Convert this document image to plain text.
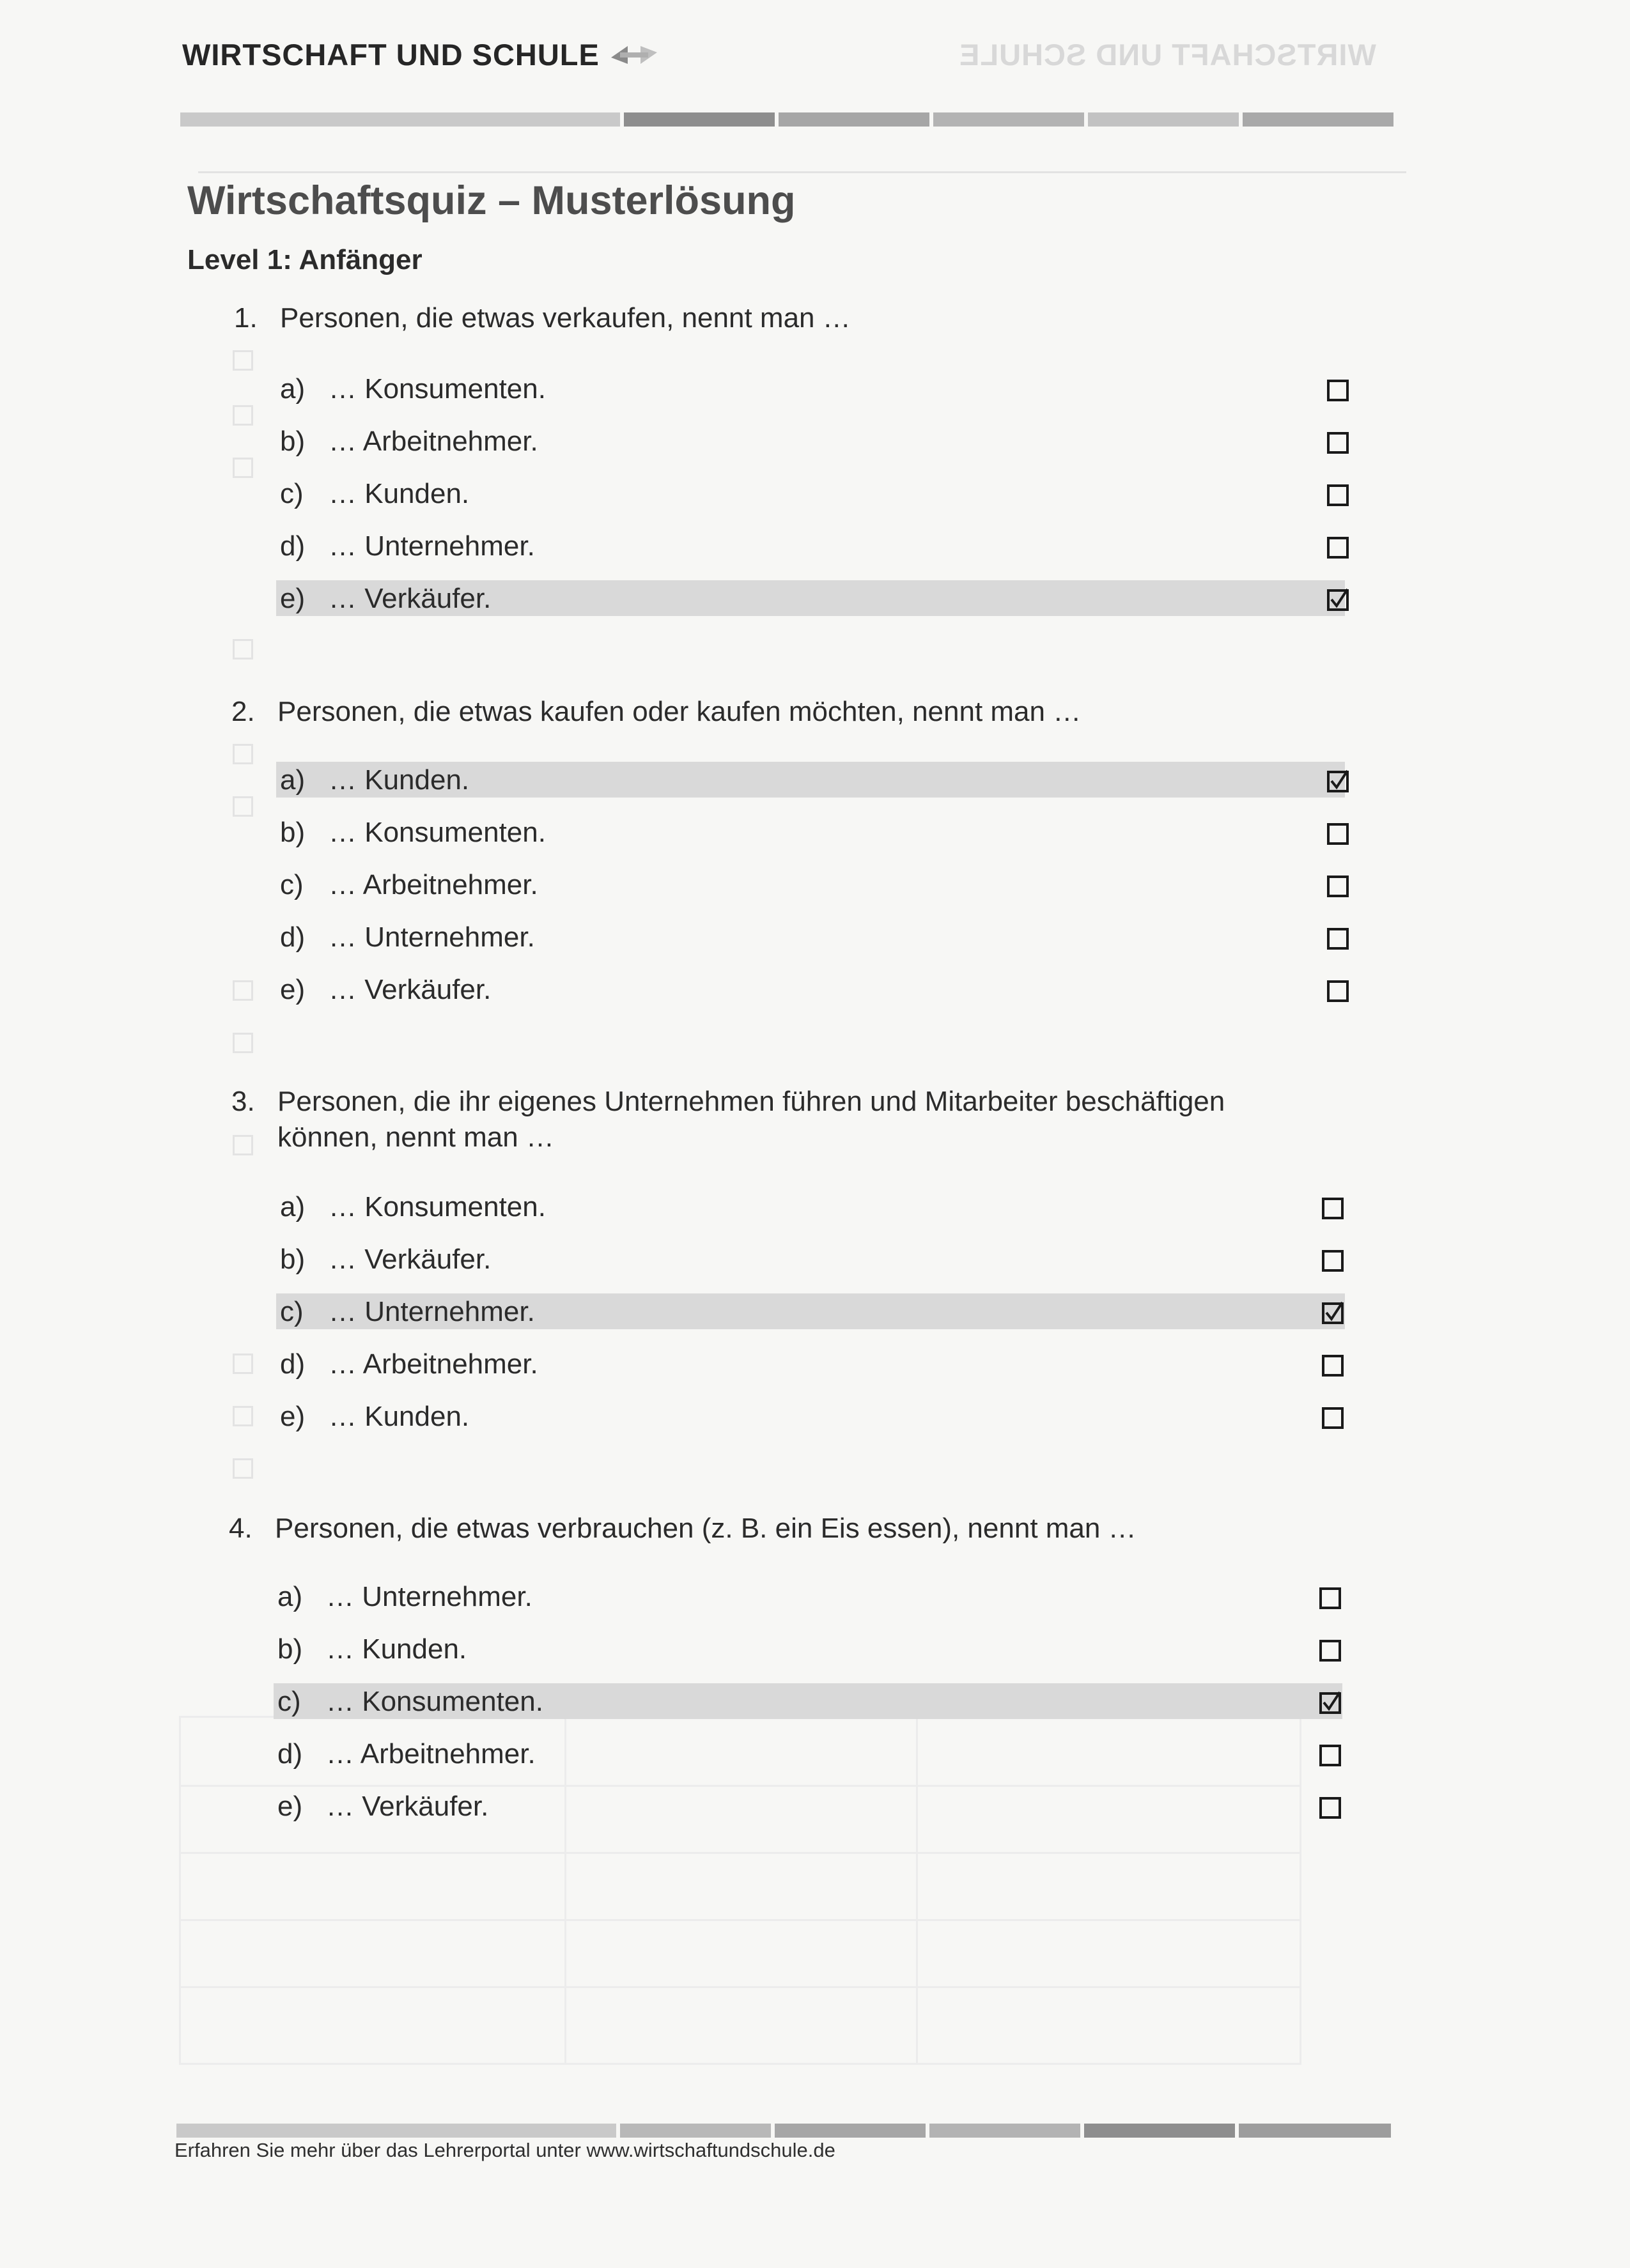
WIRTSCHAFT UND SCHULE	WIRTSCHAFT UND SCHULE
Wirtschaftsquiz – Musterlösung
Level 1: Anfänger
1. Personen, die etwas verkaufen, nennt man …
a) … Konsumenten.
b) … Arbeitnehmer.
c) … Kunden.
d) … Unternehmer.
e) … Verkäufer.
2. Personen, die etwas kaufen oder kaufen möchten, nennt man …
a) … Kunden.
b) … Konsumenten.
c) … Arbeitnehmer.
d) … Unternehmer.
e) … Verkäufer.
3. Personen, die ihr eigenes Unternehmen führen und Mitarbeiter beschäftigen
können, nennt man …
a) … Konsumenten.
b) … Verkäufer.
c) … Unternehmer.
d) … Arbeitnehmer.
e) … Kunden.
4. Personen, die etwas verbrauchen (z. B. ein Eis essen), nennt man …
a) … Unternehmer.
b) … Kunden.
c) … Konsumenten.
d) … Arbeitnehmer.
e) … Verkäufer.
Erfahren Sie mehr über das Lehrerportal unter www.wirtschaftundschule.de
